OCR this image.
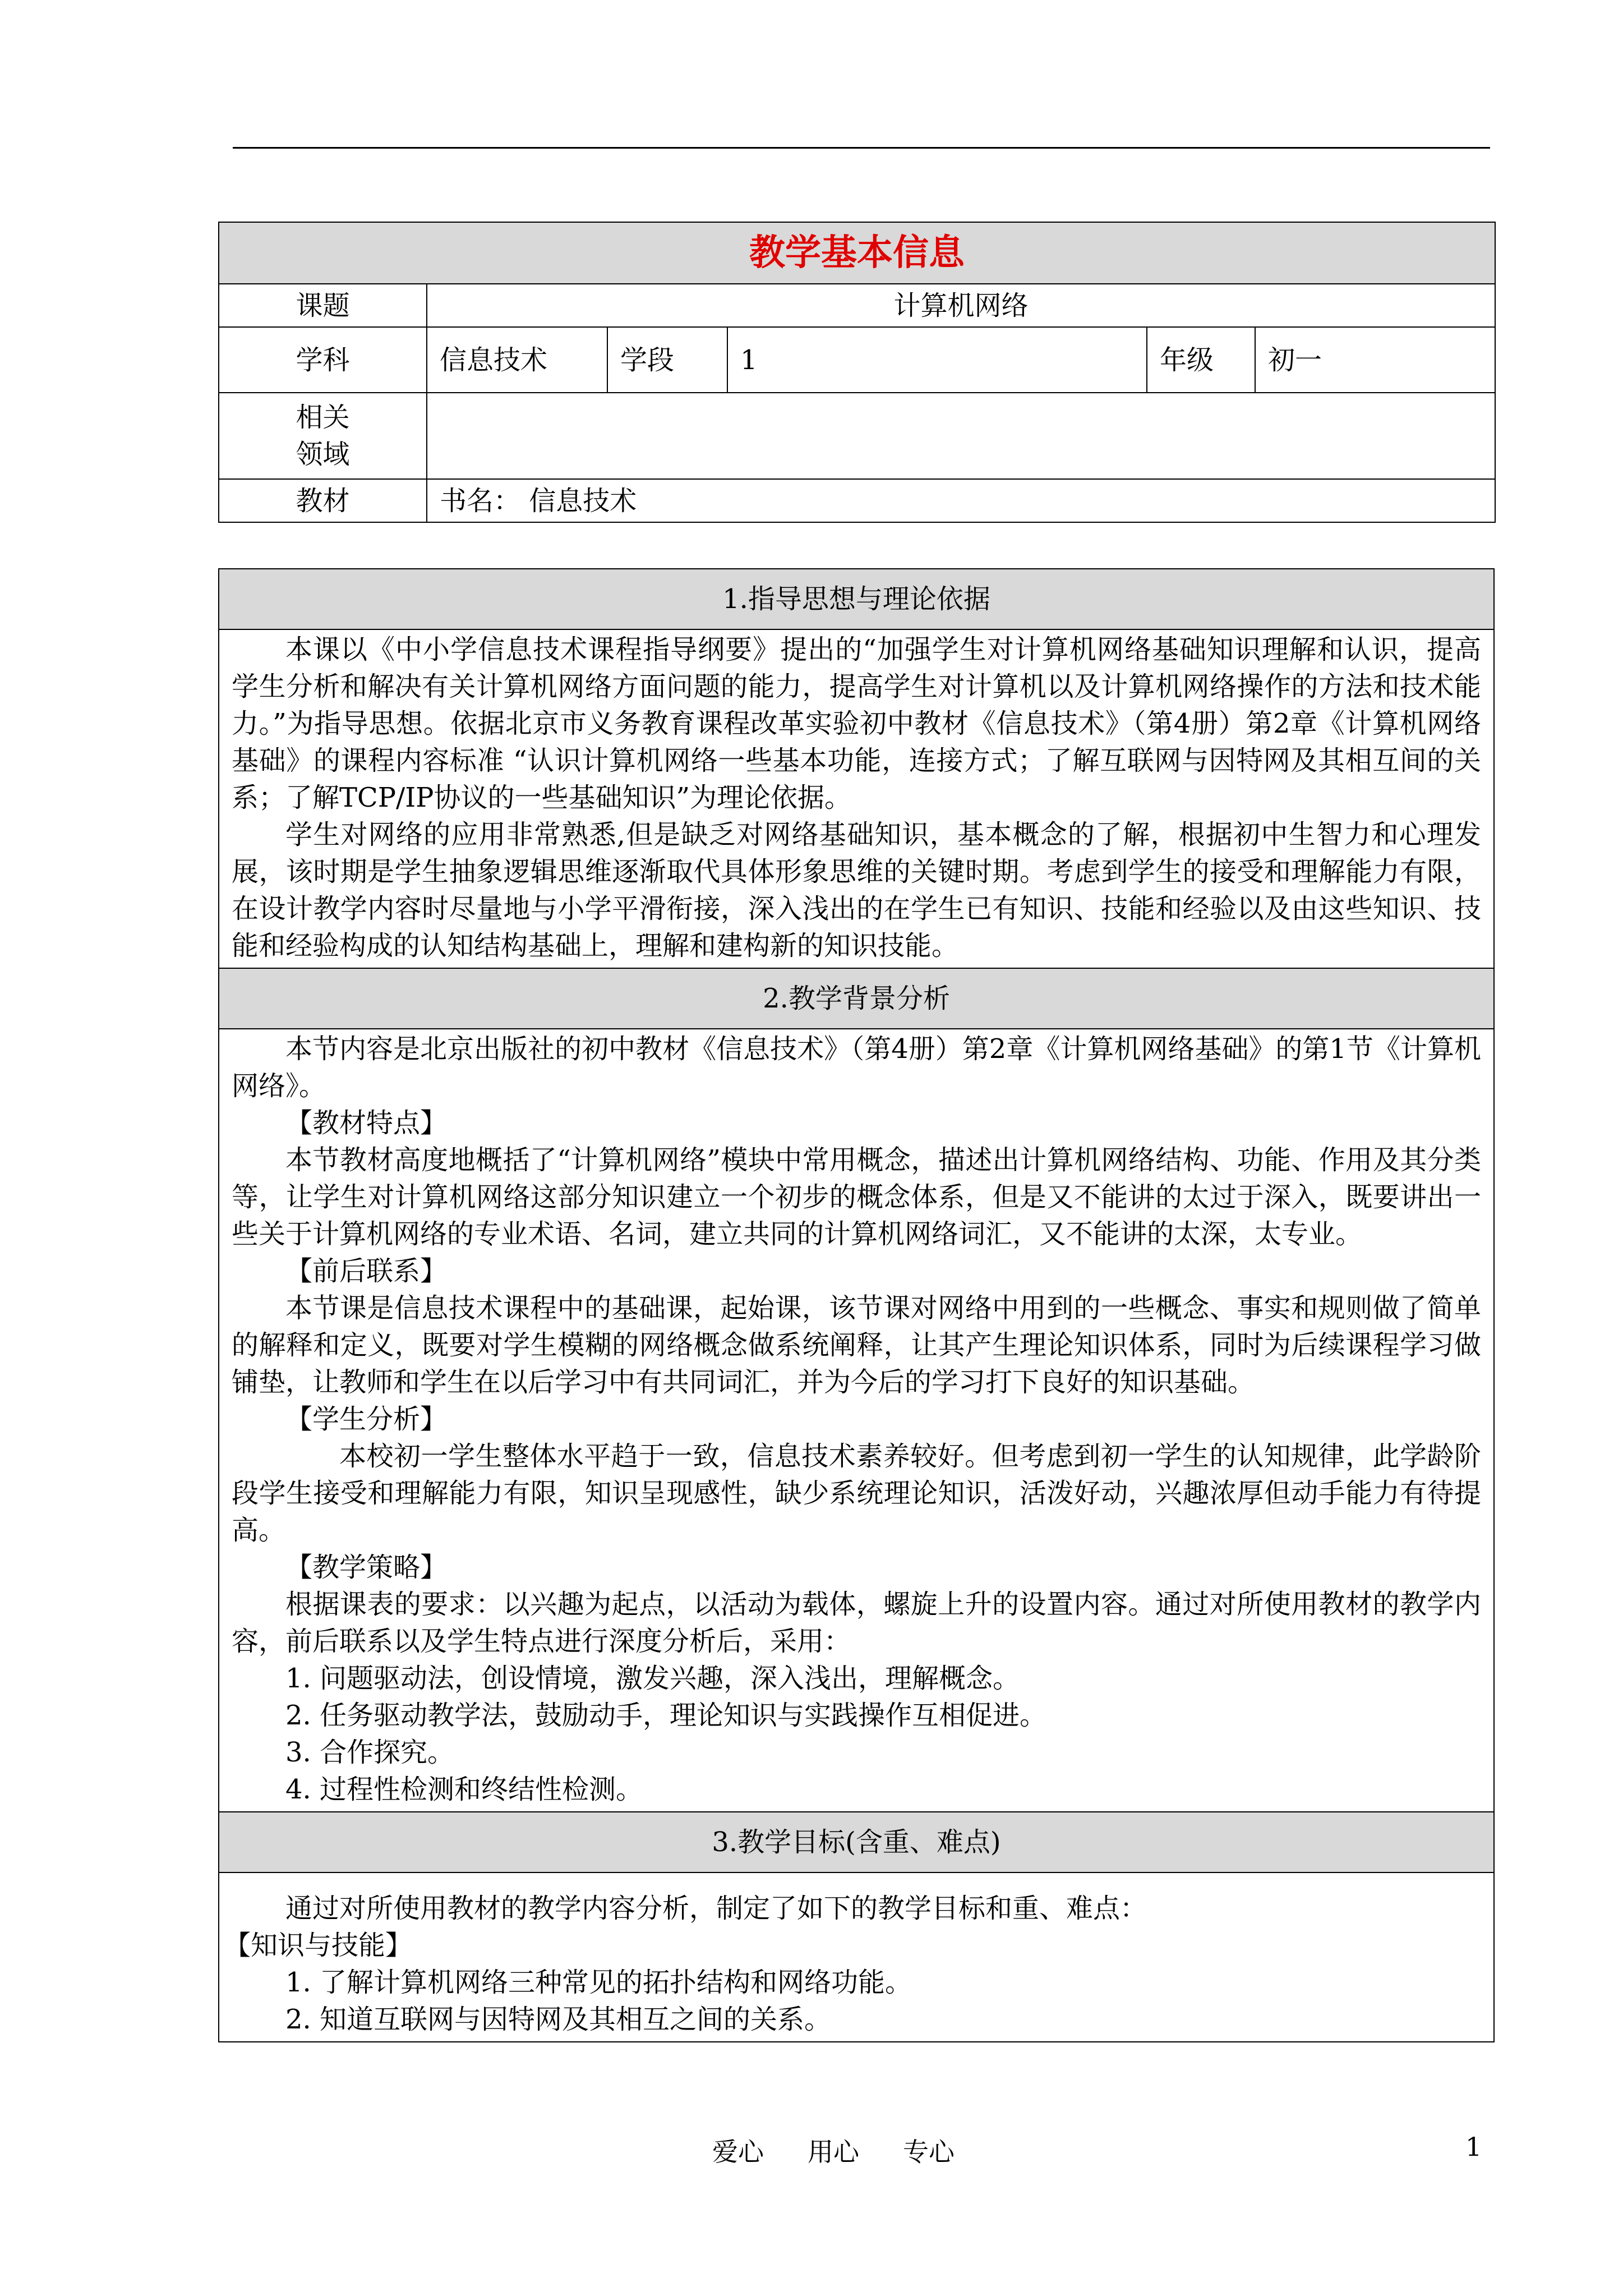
教学基本信息					
课题	计算机网络				
学科	信息技术	学段	1	年级	初一

相关
领域					

教材	书名： 信息技术				
1.指导思想与理论依据

本课以《中小学信息技术课程指导纲要》提出的“加强学生对计算机网络基础知识理解和认识，提高学生分析和解决有关计算机网络方面问题的能力，提高学生对计算机以及计算机网络操作的方法和技术能力。”为指导思想。依据北京市义务教育课程改革实验初中教材《信息技术》（第4册）第2章《计算机网络基础》的课程内容标准 “认识计算机网络一些基本功能，连接方式；了解互联网与因特网及其相互间的关系；了解TCP/IP协议的一些基础知识”为理论依据。

学生对网络的应用非常熟悉,但是缺乏对网络基础知识，基本概念的了解，根据初中生智力和心理发展，该时期是学生抽象逻辑思维逐渐取代具体形象思维的关键时期。考虑到学生的接受和理解能力有限，在设计教学内容时尽量地与小学平滑衔接，深入浅出的在学生已有知识、技能和经验以及由这些知识、技能和经验构成的认知结构基础上，理解和建构新的知识技能。

2.教学背景分析

本节内容是北京出版社的初中教材《信息技术》（第4册）第2章《计算机网络基础》的第1节《计算机网络》。

【教材特点】

本节教材高度地概括了“计算机网络”模块中常用概念，描述出计算机网络结构、功能、作用及其分类等，让学生对计算机网络这部分知识建立一个初步的概念体系，但是又不能讲的太过于深入，既要讲出一些关于计算机网络的专业术语、名词，建立共同的计算机网络词汇，又不能讲的太深，太专业。

【前后联系】

本节课是信息技术课程中的基础课，起始课，该节课对网络中用到的一些概念、事实和规则做了简单的解释和定义，既要对学生模糊的网络概念做系统阐释，让其产生理论知识体系，同时为后续课程学习做铺垫，让教师和学生在以后学习中有共同词汇，并为今后的学习打下良好的知识基础。

【学生分析】

本校初一学生整体水平趋于一致，信息技术素养较好。但考虑到初一学生的认知规律，此学龄阶段学生接受和理解能力有限，知识呈现感性，缺少系统理论知识，活泼好动，兴趣浓厚但动手能力有待提高。

【教学策略】

根据课表的要求：以兴趣为起点，以活动为载体，螺旋上升的设置内容。通过对所使用教材的教学内容，前后联系以及学生特点进行深度分析后，采用：

1. 问题驱动法，创设情境，激发兴趣，深入浅出，理解概念。

2. 任务驱动教学法，鼓励动手，理论知识与实践操作互相促进。

3. 合作探究。

4. 过程性检测和终结性检测。

3.教学目标(含重、难点)

通过对所使用教材的教学内容分析，制定了如下的教学目标和重、难点：

【知识与技能】

1. 了解计算机网络三种常见的拓扑结构和网络功能。

2. 知道互联网与因特网及其相互之间的关系。

爱心 用心 专心	1
